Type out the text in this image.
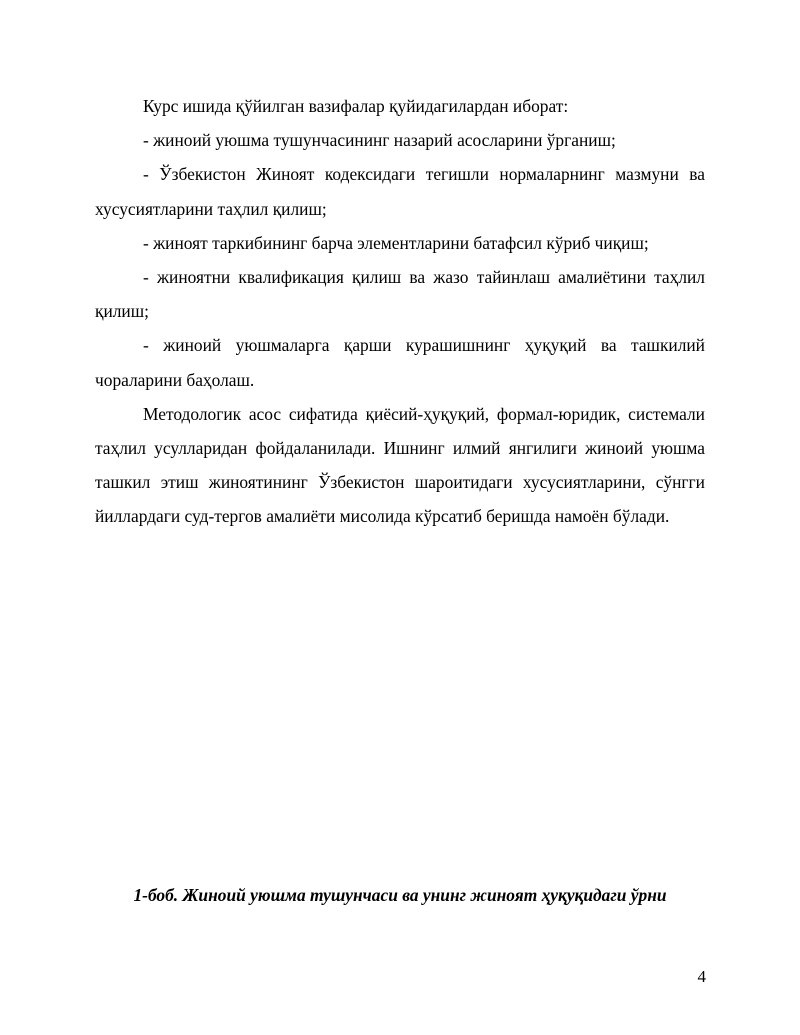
Курс ишида қўйилган вазифалар қуйидагилардан иборат:

- жиноий уюшма тушунчасининг назарий асосларини ўрганиш;

- Ўзбекистон Жиноят кодексидаги тегишли нормаларнинг мазмуни ва хусусиятларини таҳлил қилиш;

- жиноят таркибининг барча элементларини батафсил кўриб чиқиш;

- жиноятни квалификация қилиш ва жазо тайинлаш амалиётини таҳлил қилиш;

- жиноий уюшмаларга қарши курашишнинг ҳуқуқий ва ташкилий чораларини баҳолаш.

Методологик асос сифатида қиёсий-ҳуқуқий, формал-юридик, системали таҳлил усулларидан фойдаланилади. Ишнинг илмий янгилиги жиноий уюшма ташкил этиш жиноятининг Ўзбекистон шароитидаги хусусиятларини, сўнгги йиллардаги суд-тергов амалиёти мисолида кўрсатиб беришда намоён бўлади.

1-боб. Жиноий уюшма тушунчаси ва унинг жиноят ҳуқуқидаги ўрни

4
